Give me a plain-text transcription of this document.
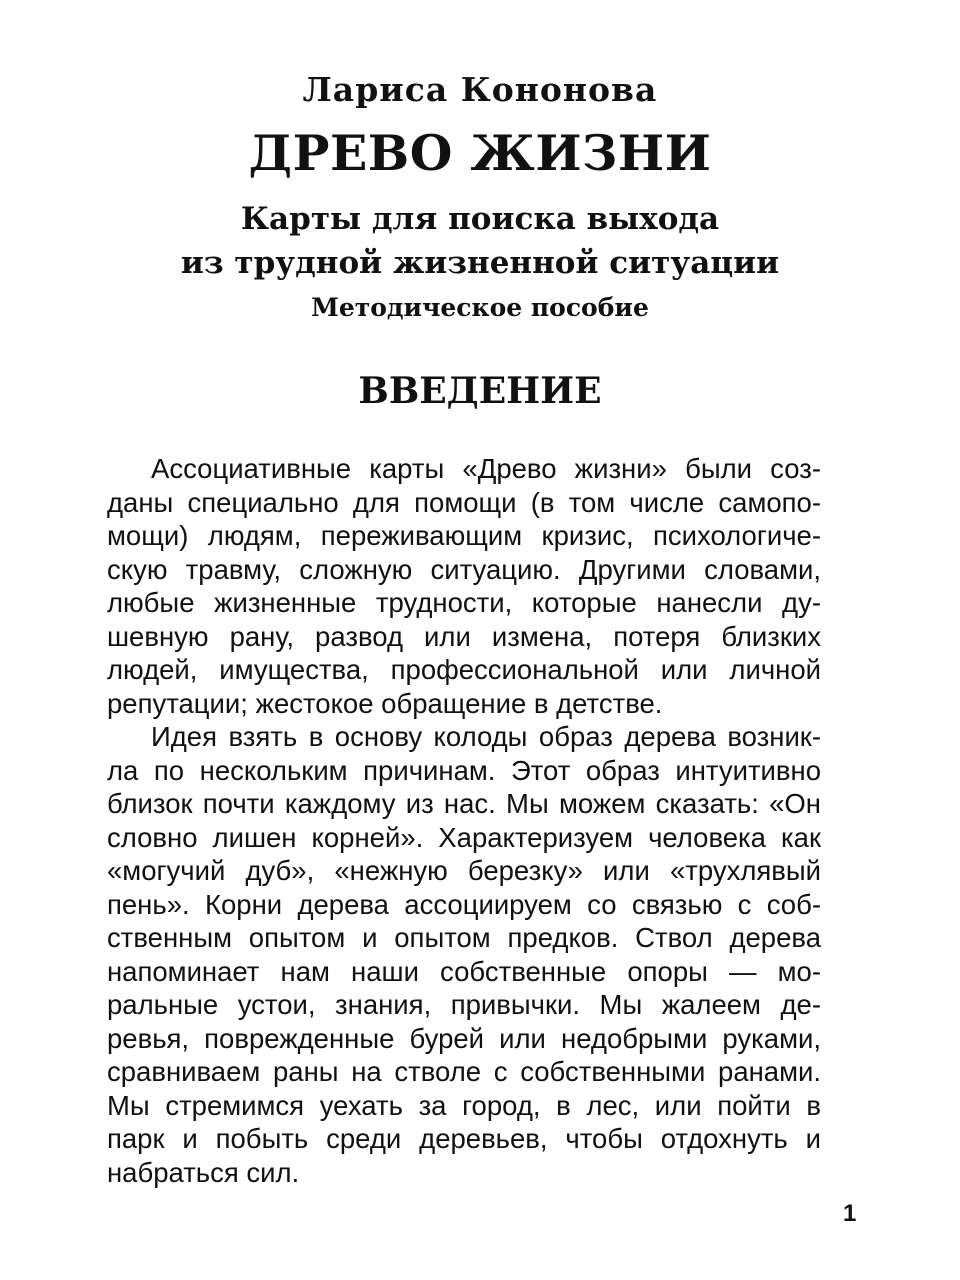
Лариса Кононова
ДРЕВО ЖИЗНИ
Карты для поиска выхода
из трудной жизненной ситуации
Методическое пособие
ВВЕДЕНИЕ
Ассоциативные карты «Древо жизни» были соз-
даны специально для помощи (в том числе самопо-
мощи) людям, переживающим кризис, психологиче-
скую травму, сложную ситуацию. Другими словами,
любые жизненные трудности, которые нанесли ду-
шевную рану, развод или измена, потеря близких
людей, имущества, профессиональной или личной
репутации; жестокое обращение в детстве.
Идея взять в основу колоды образ дерева возник-
ла по нескольким причинам. Этот образ интуитивно
близок почти каждому из нас. Мы можем сказать: «Он
словно лишен корней». Характеризуем человека как
«могучий дуб», «нежную березку» или «трухлявый
пень». Корни дерева ассоциируем со связью с соб-
ственным опытом и опытом предков. Ствол дерева
напоминает нам наши собственные опоры — мо-
ральные устои, знания, привычки. Мы жалеем де-
ревья, поврежденные бурей или недобрыми руками,
сравниваем раны на стволе с собственными ранами.
Мы стремимся уехать за город, в лес, или пойти в
парк и побыть среди деревьев, чтобы отдохнуть и
набраться сил.
1
